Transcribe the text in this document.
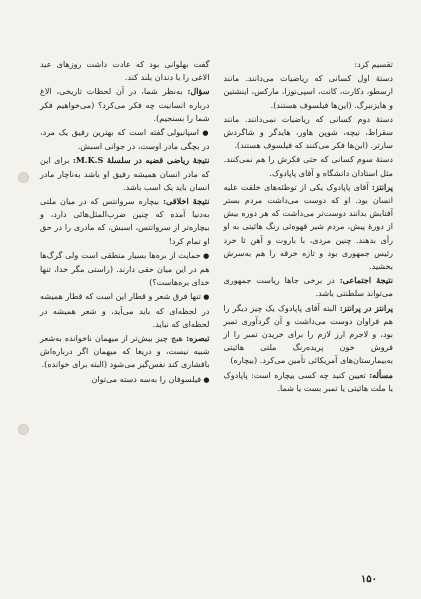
گفت بهلوانی بود که عادت داشت روزهای عید الاغی را با دندان بلند کند.

سؤال: به‌نظر شما، در آن لحظات تاریخی، الاغ درباره انسانیت چه فکر می‌کرد؟ (می‌خواهیم فکر شما را بسنجیم).

● اسپانیولی گفته است که بهترین رفیق یک مرد، در بچگی مادر اوست، در جوانی اسبش.

نتیجهٔ ریاضی قضیه در سلسلهٔ M.K.S: برای این که مادر انسان همیشه رفیق او باشد به‌ناچار مادر انسان باید یک اسب باشد.

نتیجهٔ اخلاقی: بیچاره سروانتس که در میان ملتی به‌دنیا آمده که چنین ضرب‌المثل‌هائی دارد، و بیچاره‌تر از سروانتس، اسبش، که مادری را در حق او تمام کرد!

● حمایت از بره‌ها بسیار منطقی است ولی گرگ‌ها هم در این میان حقی دارند. (راستی مگر خدا، تنها خدای بره‌هاست؟)

● تنها فرق شعر و قطار این است که قطار همیشه در لحظه‌ای که باید می‌آید، و شعر همیشه در لحظه‌ای که نباید.

تبصره: هیچ چیز بیش‌تر از میهمان ناخوانده به‌شعر شبیه نیست، و دریغا که میهمان اگر درباره‌اش بافشاری کند نفس‌گیر می‌شود (البته برای خوانده).

● فیلسوفان را به‌سه دسته می‌توان

تقسیم کرد:

دستهٔ اول کسانی که ریاضیات می‌دانند. مانند ارسطو، دکارت، کانت، اسپی‌نوزا، مارکس، اینشتین و هایزنبرگ. (این‌ها فیلسوف هستند).

دستهٔ دوم کسانی که ریاضیات نمی‌دانند. مانند سقراط، نیچه، شوپن هاور، هایدگر و شاگردش سارتر. (این‌ها فکر می‌کنند که فیلسوف هستند).

دستهٔ سوم کسانی که حتی فکرش را هم نمی‌کنند. مثل استادان دانشگاه و آقای پاپادوک.

پرانتز: آقای پاپادوک یکی از توطئه‌های خلقت علیه انسان بود. او که دوست می‌داشت مردم بستر آفتابش بدانند دوست‌تر می‌داشت که هر دوره بیش از دورهٔ پیش، مردم شیر قهوه‌ئی رنگ هائیتی به او رأی بدهند. چنین مردی، با باروت و آهن تا خرد رئیس جمهوری بود و تازه خرقه را هم به‌سرش بخشید.

نتیجهٔ اجتماعی: در برخی جاها ریاست جمهوری می‌تواند سلطنتی باشد.

پرانتز در پرانتز: البته آقای پاپادوک یک چیز دیگر را هم فراوان دوست می‌داشت و آن گردآوری تمبر بود، و لاجرم ارز لازم را برای خریدن تمبر را از فروش خون پریده‌رنگ ملتی هائیتی به‌بیمارستان‌های آمریکائی تأمین می‌کرد. (بیچاره)

مسأله: تعیین کنید چه کسی بیچاره است: پاپادوک یا ملت هائیتی یا تمبر بست یا شما.

۱۵۰
